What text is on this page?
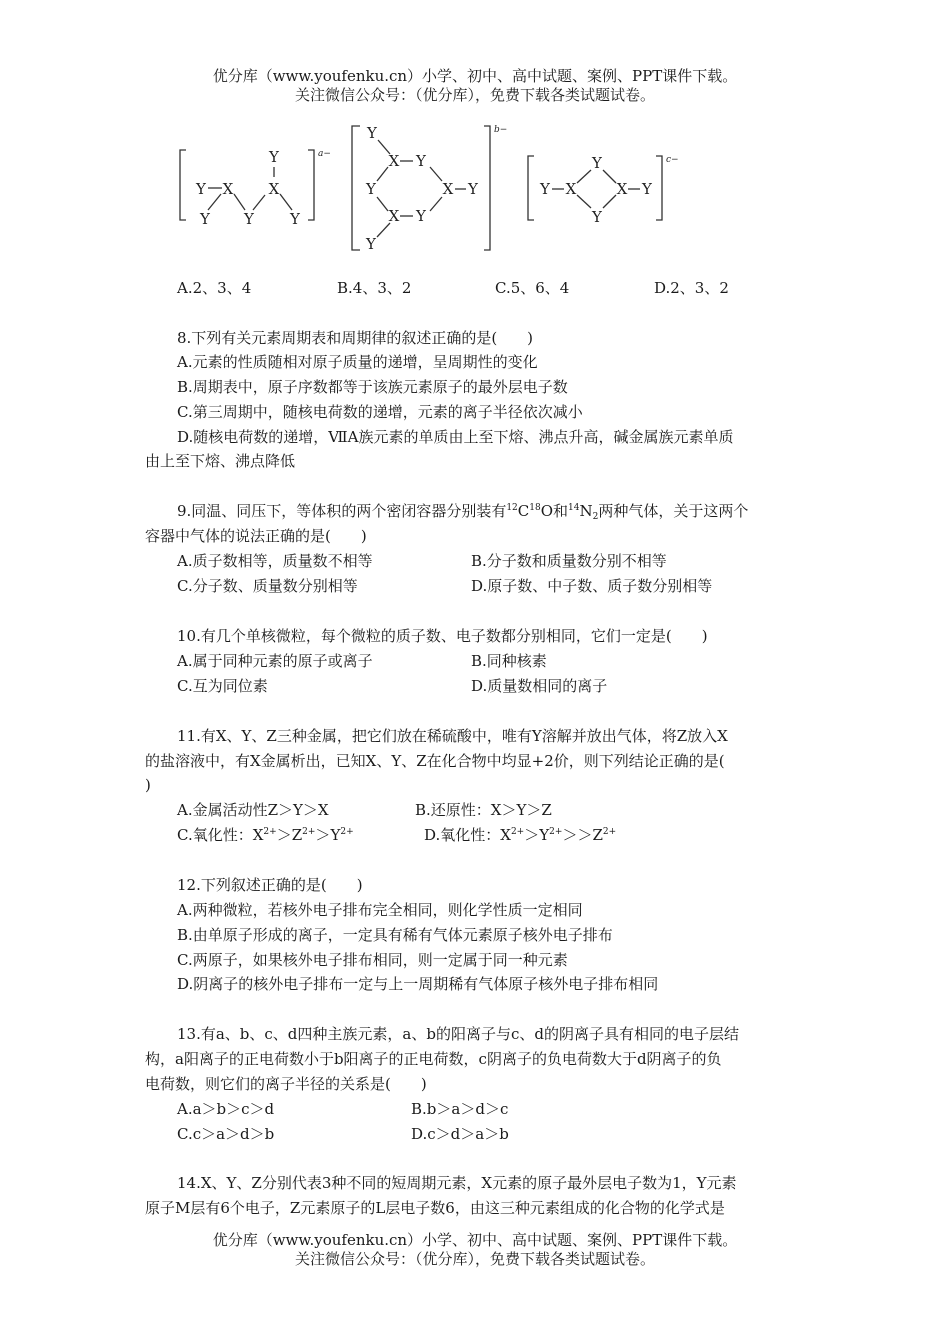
优分库（www.youfenku.cn）小学、初中、高中试题、案例、PPT课件下载。
关注微信公众号：（优分库），免费下载各类试题试卷。
Y X
Y
X
Y Y Y
Y
X Y
Y	X Y
X Y
Y
Y
Y X	X Y
Y
a−
b−
c−
A.2、3、4	B.4、3、2	C.5、6、4	D.2、3、2
8.下列有关元素周期表和周期律的叙述正确的是(　　)
A.元素的性质随相对原子质量的递增，呈周期性的变化
B.周期表中，原子序数都等于该族元素原子的最外层电子数
C.第三周期中，随核电荷数的递增，元素的离子半径依次减小
D.随核电荷数的递增，ⅦA族元素的单质由上至下熔、沸点升高，碱金属族元素单质
由上至下熔、沸点降低
9.同温、同压下，等体积的两个密闭容器分别装有$^{12}C^{18}O$和$^{14}N_2$两种气体，关于这两个
容器中气体的说法正确的是(　　)
A.质子数相等，质量数不相等	B.分子数和质量数分别不相等
C.分子数、质量数分别相等	D.原子数、中子数、质子数分别相等
10.有几个单核微粒，每个微粒的质子数、电子数都分别相同，它们一定是(　　)
A.属于同种元素的原子或离子	B.同种核素
C.互为同位素	D.质量数相同的离子
11.有X、Y、Z三种金属，把它们放在稀硫酸中，唯有Y溶解并放出气体，将Z放入X
的盐溶液中，有X金属析出，已知X、Y、Z在化合物中均显+2价，则下列结论正确的是(
)
A.金属活动性Z＞Y＞X	B.还原性：X＞Y＞Z
C.氧化性：$X^{2+}>Z^{2+}>Y^{2+}$	D.氧化性：$X^{2+}>Y^{2+}>>Z^{2+}$
12.下列叙述正确的是(　　)
A.两种微粒，若核外电子排布完全相同，则化学性质一定相同
B.由单原子形成的离子，一定具有稀有气体元素原子核外电子排布
C.两原子，如果核外电子排布相同，则一定属于同一种元素
D.阴离子的核外电子排布一定与上一周期稀有气体原子核外电子排布相同
13.有a、b、c、d四种主族元素，a、b的阳离子与c、d的阴离子具有相同的电子层结
构，a阳离子的正电荷数小于b阳离子的正电荷数，c阴离子的负电荷数大于d阴离子的负
电荷数，则它们的离子半径的关系是(　　)
A.a＞b＞c＞d	B.b＞a＞d＞c
C.c＞a＞d＞b	D.c＞d＞a＞b
14.X、Y、Z分别代表3种不同的短周期元素，X元素的原子最外层电子数为1，Y元素
原子M层有6个电子，Z元素原子的L层电子数6，由这三种元素组成的化合物的化学式是
优分库（www.youfenku.cn）小学、初中、高中试题、案例、PPT课件下载。
关注微信公众号：（优分库），免费下载各类试题试卷。
